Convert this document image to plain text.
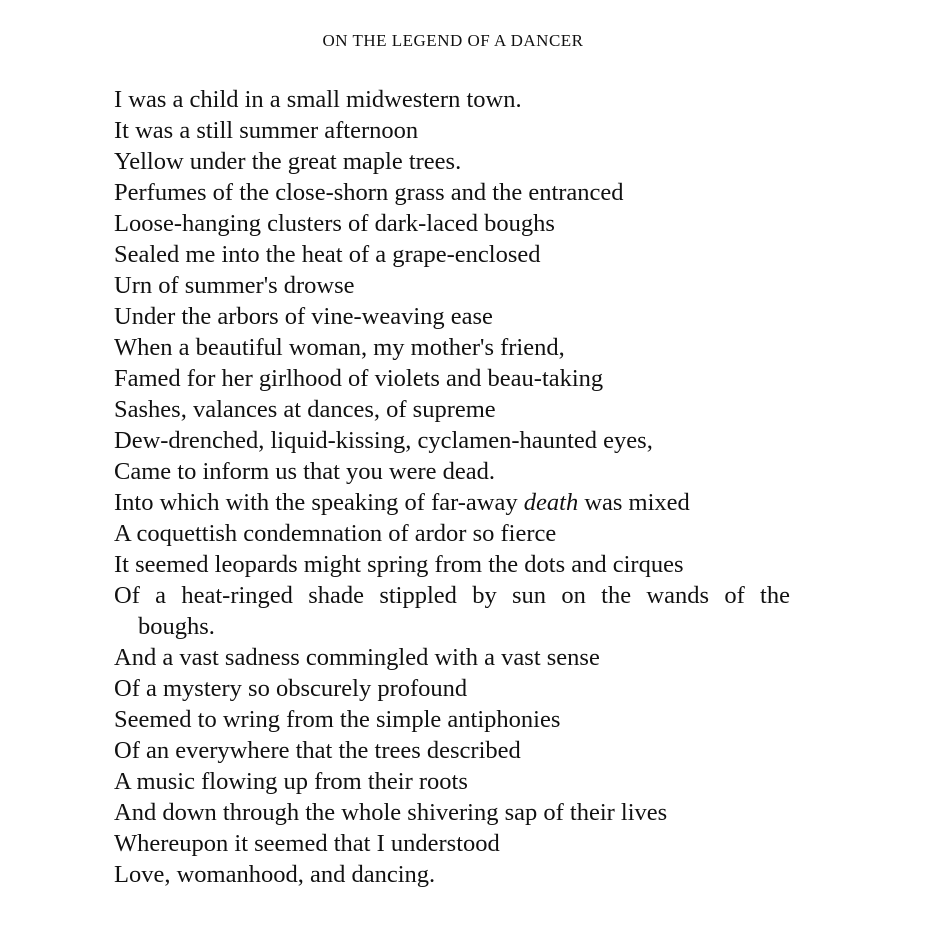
ON THE LEGEND OF A DANCER
I was a child in a small midwestern town.
It was a still summer afternoon
Yellow under the great maple trees.
Perfumes of the close-shorn grass and the entranced
Loose-hanging clusters of dark-laced boughs
Sealed me into the heat of a grape-enclosed
Urn of summer's drowse
Under the arbors of vine-weaving ease
When a beautiful woman, my mother's friend,
Famed for her girlhood of violets and beau-taking
Sashes, valances at dances, of supreme
Dew-drenched, liquid-kissing, cyclamen-haunted eyes,
Came to inform us that you were dead.
Into which with the speaking of far-away death was mixed
A coquettish condemnation of ardor so fierce
It seemed leopards might spring from the dots and cirques
Of a heat-ringed shade stippled by sun on the wands of the
boughs.
And a vast sadness commingled with a vast sense
Of a mystery so obscurely profound
Seemed to wring from the simple antiphonies
Of an everywhere that the trees described
A music flowing up from their roots
And down through the whole shivering sap of their lives
Whereupon it seemed that I understood
Love, womanhood, and dancing.
